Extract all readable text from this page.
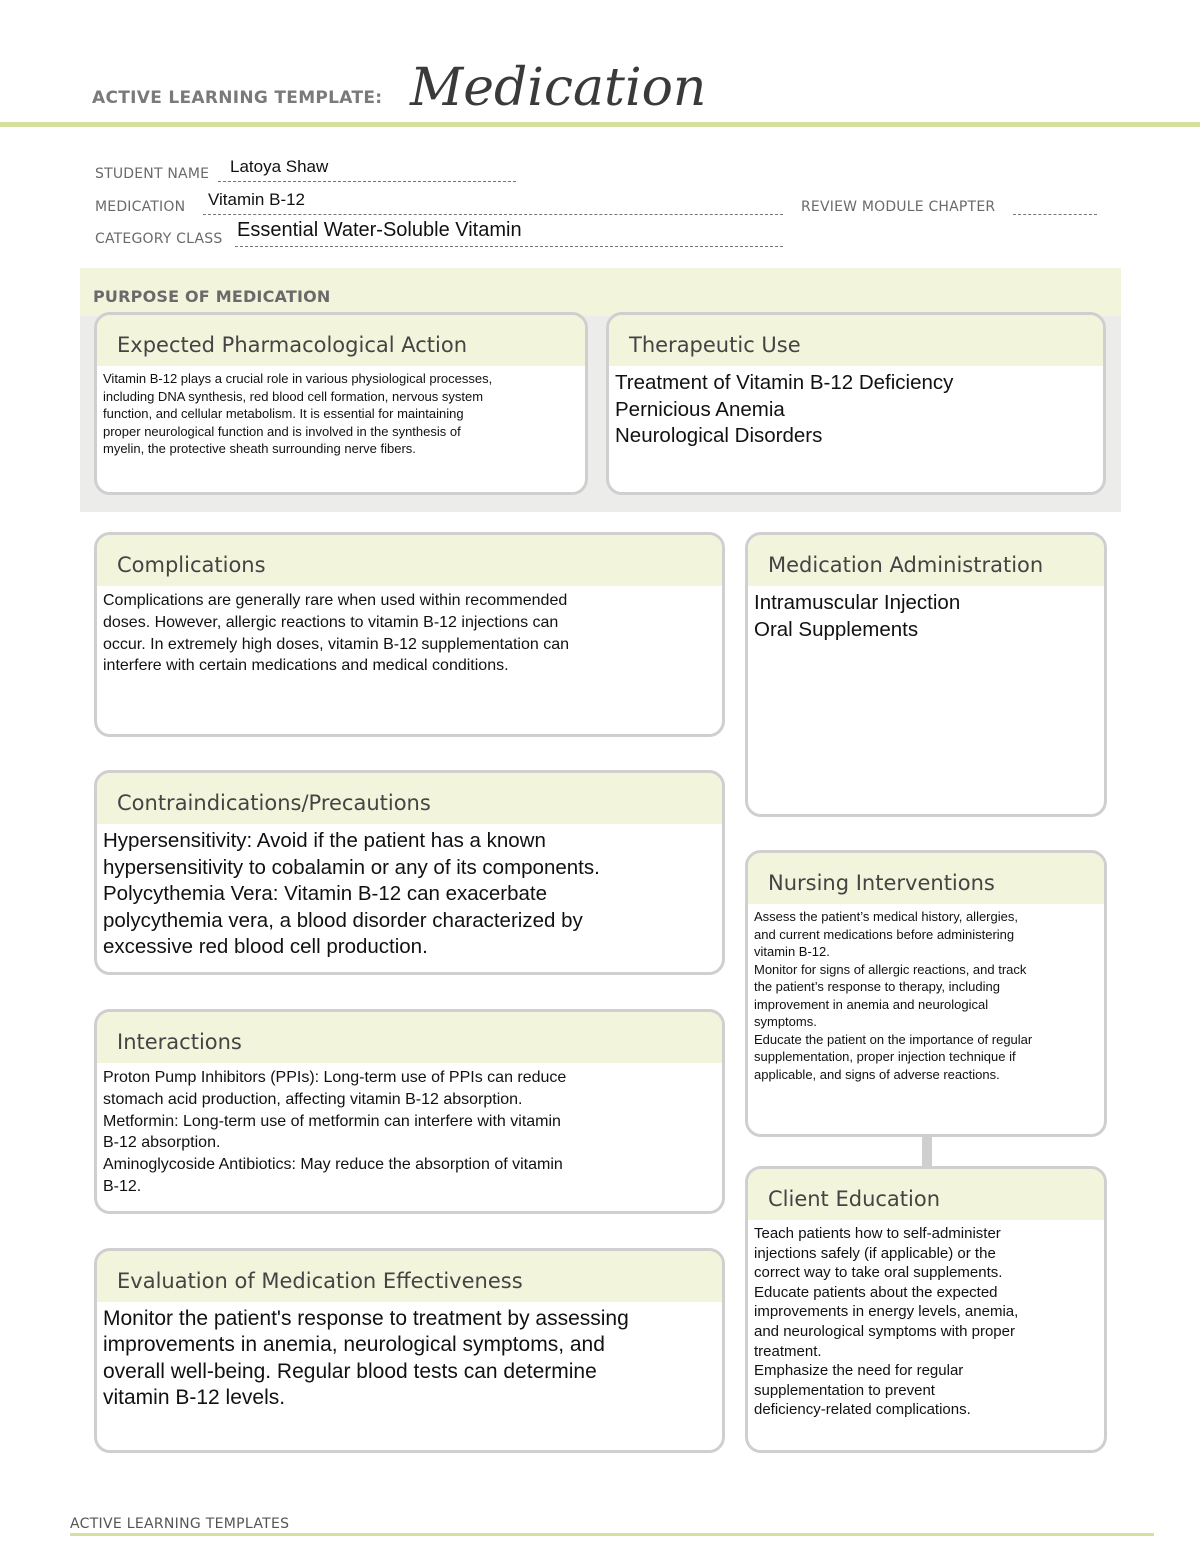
ACTIVE LEARNING TEMPLATE: Medication
STUDENT NAME Latoya Shaw
MEDICATION Vitamin B-12	REVIEW MODULE CHAPTER
CATEGORY CLASS Essential Water-Soluble Vitamin
PURPOSE OF MEDICATION
Expected Pharmacological Action
Vitamin B-12 plays a crucial role in various physiological processes,
including DNA synthesis, red blood cell formation, nervous system
function, and cellular metabolism. It is essential for maintaining
proper neurological function and is involved in the synthesis of
myelin, the protective sheath surrounding nerve fibers.
Therapeutic Use
Treatment of Vitamin B-12 Deficiency
Pernicious Anemia
Neurological Disorders
Complications
Complications are generally rare when used within recommended
doses. However, allergic reactions to vitamin B-12 injections can
occur. In extremely high doses, vitamin B-12 supplementation can
interfere with certain medications and medical conditions.
Contraindications/Precautions
Hypersensitivity: Avoid if the patient has a known
hypersensitivity to cobalamin or any of its components.
Polycythemia Vera: Vitamin B-12 can exacerbate
polycythemia vera, a blood disorder characterized by
excessive red blood cell production.
Interactions
Proton Pump Inhibitors (PPIs): Long-term use of PPIs can reduce
stomach acid production, affecting vitamin B-12 absorption.
Metformin: Long-term use of metformin can interfere with vitamin
B-12 absorption.
Aminoglycoside Antibiotics: May reduce the absorption of vitamin
B-12.
Evaluation of Medication Effectiveness
Monitor the patient's response to treatment by assessing
improvements in anemia, neurological symptoms, and
overall well-being. Regular blood tests can determine
vitamin B-12 levels.
Medication Administration
Intramuscular Injection
Oral Supplements
Nursing Interventions
Assess the patient’s medical history, allergies,
and current medications before administering
vitamin B-12.
Monitor for signs of allergic reactions, and track
the patient’s response to therapy, including
improvement in anemia and neurological
symptoms.
Educate the patient on the importance of regular
supplementation, proper injection technique if
applicable, and signs of adverse reactions.
Client Education
Teach patients how to self-administer
injections safely (if applicable) or the
correct way to take oral supplements.
Educate patients about the expected
improvements in energy levels, anemia,
and neurological symptoms with proper
treatment.
Emphasize the need for regular
supplementation to prevent
deficiency-related complications.
ACTIVE LEARNING TEMPLATES
